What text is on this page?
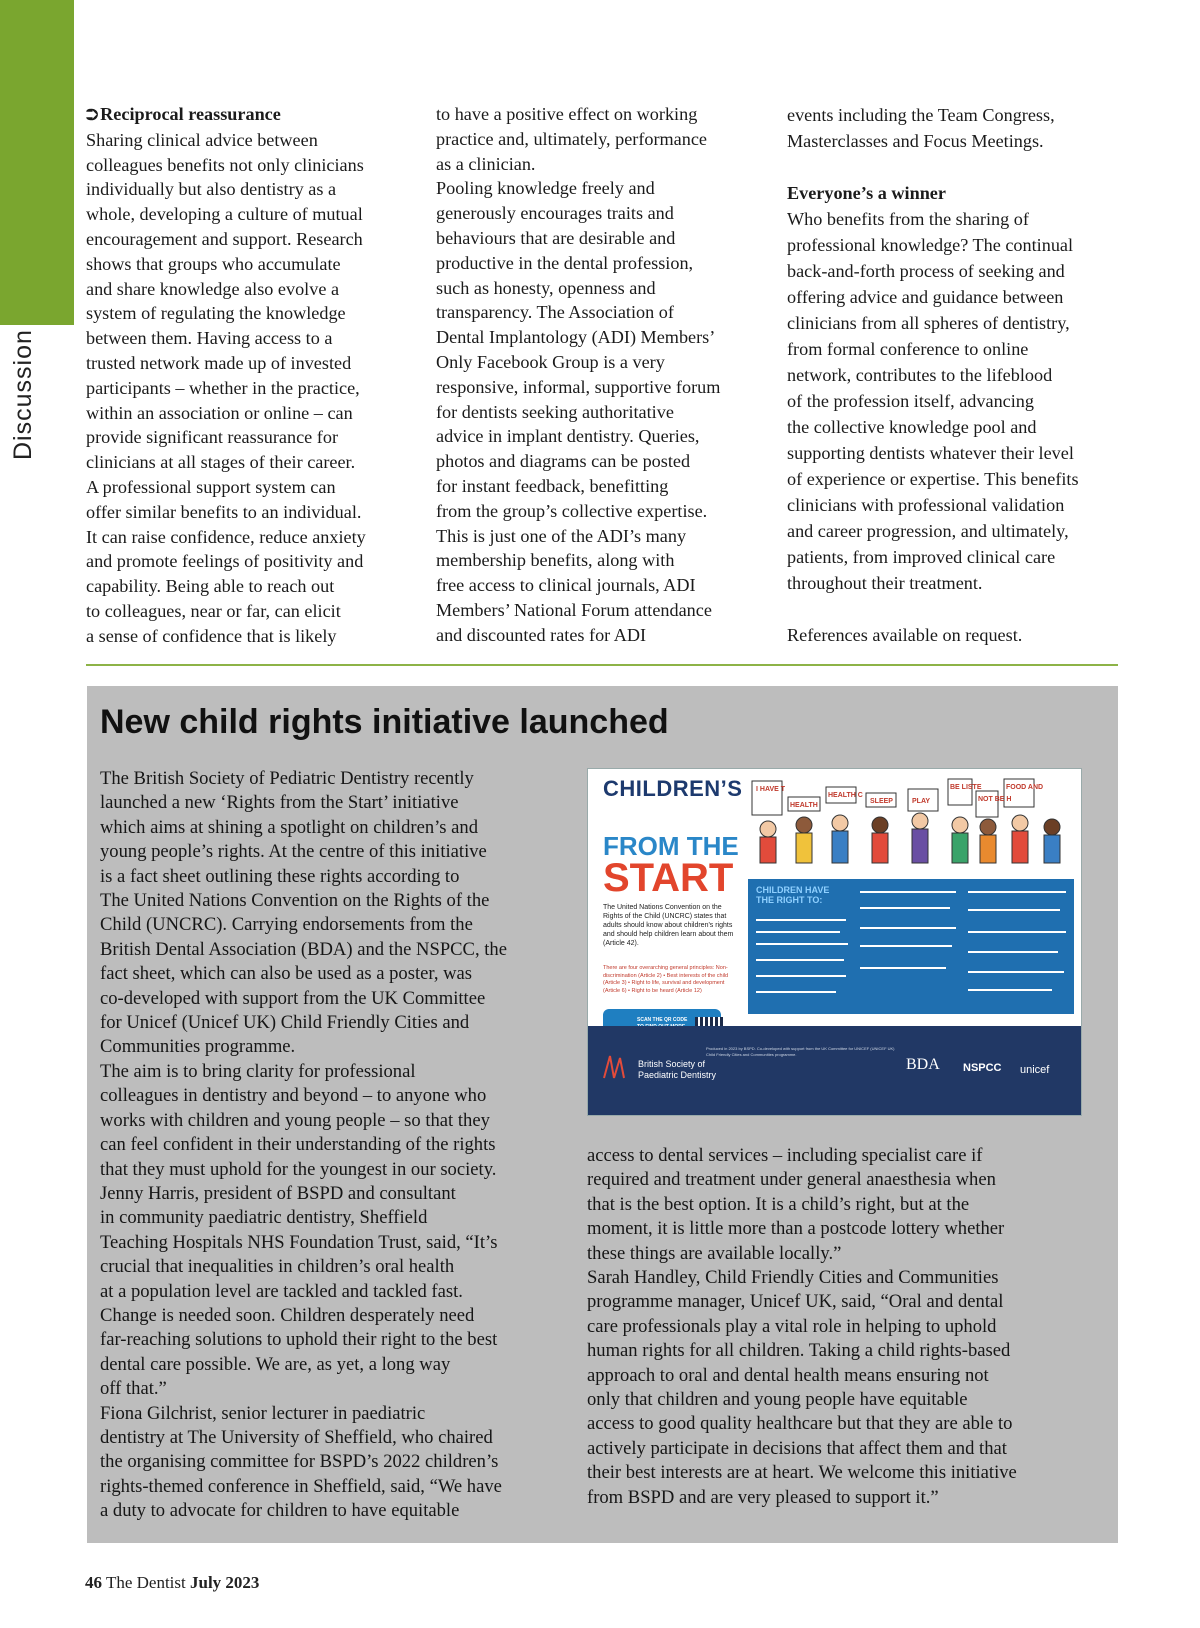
Discussion
⮊ Reciprocal reassurance
Sharing clinical advice between
colleagues benefits not only clinicians
individually but also dentistry as a
whole, developing a culture of mutual
encouragement and support. Research
shows that groups who accumulate
and share knowledge also evolve a
system of regulating the knowledge
between them. Having access to a
trusted network made up of invested
participants – whether in the practice,
within an association or online – can
provide significant reassurance for
clinicians at all stages of their career.
A professional support system can
offer similar benefits to an individual.
It can raise confidence, reduce anxiety
and promote feelings of positivity and
capability. Being able to reach out
to colleagues, near or far, can elicit
a sense of confidence that is likely
to have a positive effect on working
practice and, ultimately, performance
as a clinician.
Pooling knowledge freely and
generously encourages traits and
behaviours that are desirable and
productive in the dental profession,
such as honesty, openness and
transparency. The Association of
Dental Implantology (ADI) Members’
Only Facebook Group is a very
responsive, informal, supportive forum
for dentists seeking authoritative
advice in implant dentistry. Queries,
photos and diagrams can be posted
for instant feedback, benefitting
from the group’s collective expertise.
This is just one of the ADI’s many
membership benefits, along with
free access to clinical journals, ADI
Members’ National Forum attendance
and discounted rates for ADI
events including the Team Congress,
Masterclasses and Focus Meetings.

Everyone’s a winner
Who benefits from the sharing of
professional knowledge? The continual
back-and-forth process of seeking and
offering advice and guidance between
clinicians from all spheres of dentistry,
from formal conference to online
network, contributes to the lifeblood
of the profession itself, advancing
the collective knowledge pool and
supporting dentists whatever their level
of experience or expertise. This benefits
clinicians with professional validation
and career progression, and ultimately,
patients, from improved clinical care
throughout their treatment.

References available on request.
New child rights initiative launched
The British Society of Pediatric Dentistry recently
launched a new ‘Rights from the Start’ initiative
which aims at shining a spotlight on children’s and
young people’s rights. At the centre of this initiative
is a fact sheet outlining these rights according to
The United Nations Convention on the Rights of the
Child (UNCRC). Carrying endorsements from the
British Dental Association (BDA) and the NSPCC, the
fact sheet, which can also be used as a poster, was
co-developed with support from the UK Committee
for Unicef (Unicef UK) Child Friendly Cities and
Communities programme.
The aim is to bring clarity for professional
colleagues in dentistry and beyond – to anyone who
works with children and young people – so that they
can feel confident in their understanding of the rights
that they must uphold for the youngest in our society.
Jenny Harris, president of BSPD and consultant
in community paediatric dentistry, Sheffield
Teaching Hospitals NHS Foundation Trust, said, “It’s
crucial that inequalities in children’s oral health
at a population level are tackled and tackled fast.
Change is needed soon. Children desperately need
far-reaching solutions to uphold their right to the best
dental care possible. We are, as yet, a long way
off that.”
Fiona Gilchrist, senior lecturer in paediatric
dentistry at The University of Sheffield, who chaired
the organising committee for BSPD’s 2022 children’s
rights-themed conference in Sheffield, said, “We have
a duty to advocate for children to have equitable
access to dental services – including specialist care if
required and treatment under general anaesthesia when
that is the best option. It is a child’s right, but at the
moment, it is little more than a postcode lottery whether
these things are available locally.”
Sarah Handley, Child Friendly Cities and Communities
programme manager, Unicef UK, said, “Oral and dental
care professionals play a vital role in helping to uphold
human rights for all children. Taking a child rights-based
approach to oral and dental health means ensuring not
only that children and young people have equitable
access to good quality healthcare but that they are able to
actively participate in decisions that affect them and that
their best interests are at heart. We welcome this initiative
from BSPD and are very pleased to support it.”
CHILDREN’S
FROM THE
START
The United Nations Convention on the Rights of the Child (UNCRC) states that adults should know about children's rights and should help children learn about them (Article 42).
There are four overarching general principles: Non-discrimination (Article 2) • Best interests of the child (Article 3) • Right to life, survival and development (Article 6) • Right to be heard (Article 12)
SCAN THE QR CODE
I HAVE T
HEALTH
HEALTH C
SLEEP	PLAY
BE LISTE
NOT BE H
FOOD AND
CHILDREN HAVE THE RIGHT TO:
British Society of
Paediatric Dentistry
Produced in 2023 by BSPD. Co-developed with support from the UK Committee for UNICEF (UNICEF UK) Child Friendly Cities and Communities programme.
BDA NSPCC unicef
46 The Dentist July 2023
